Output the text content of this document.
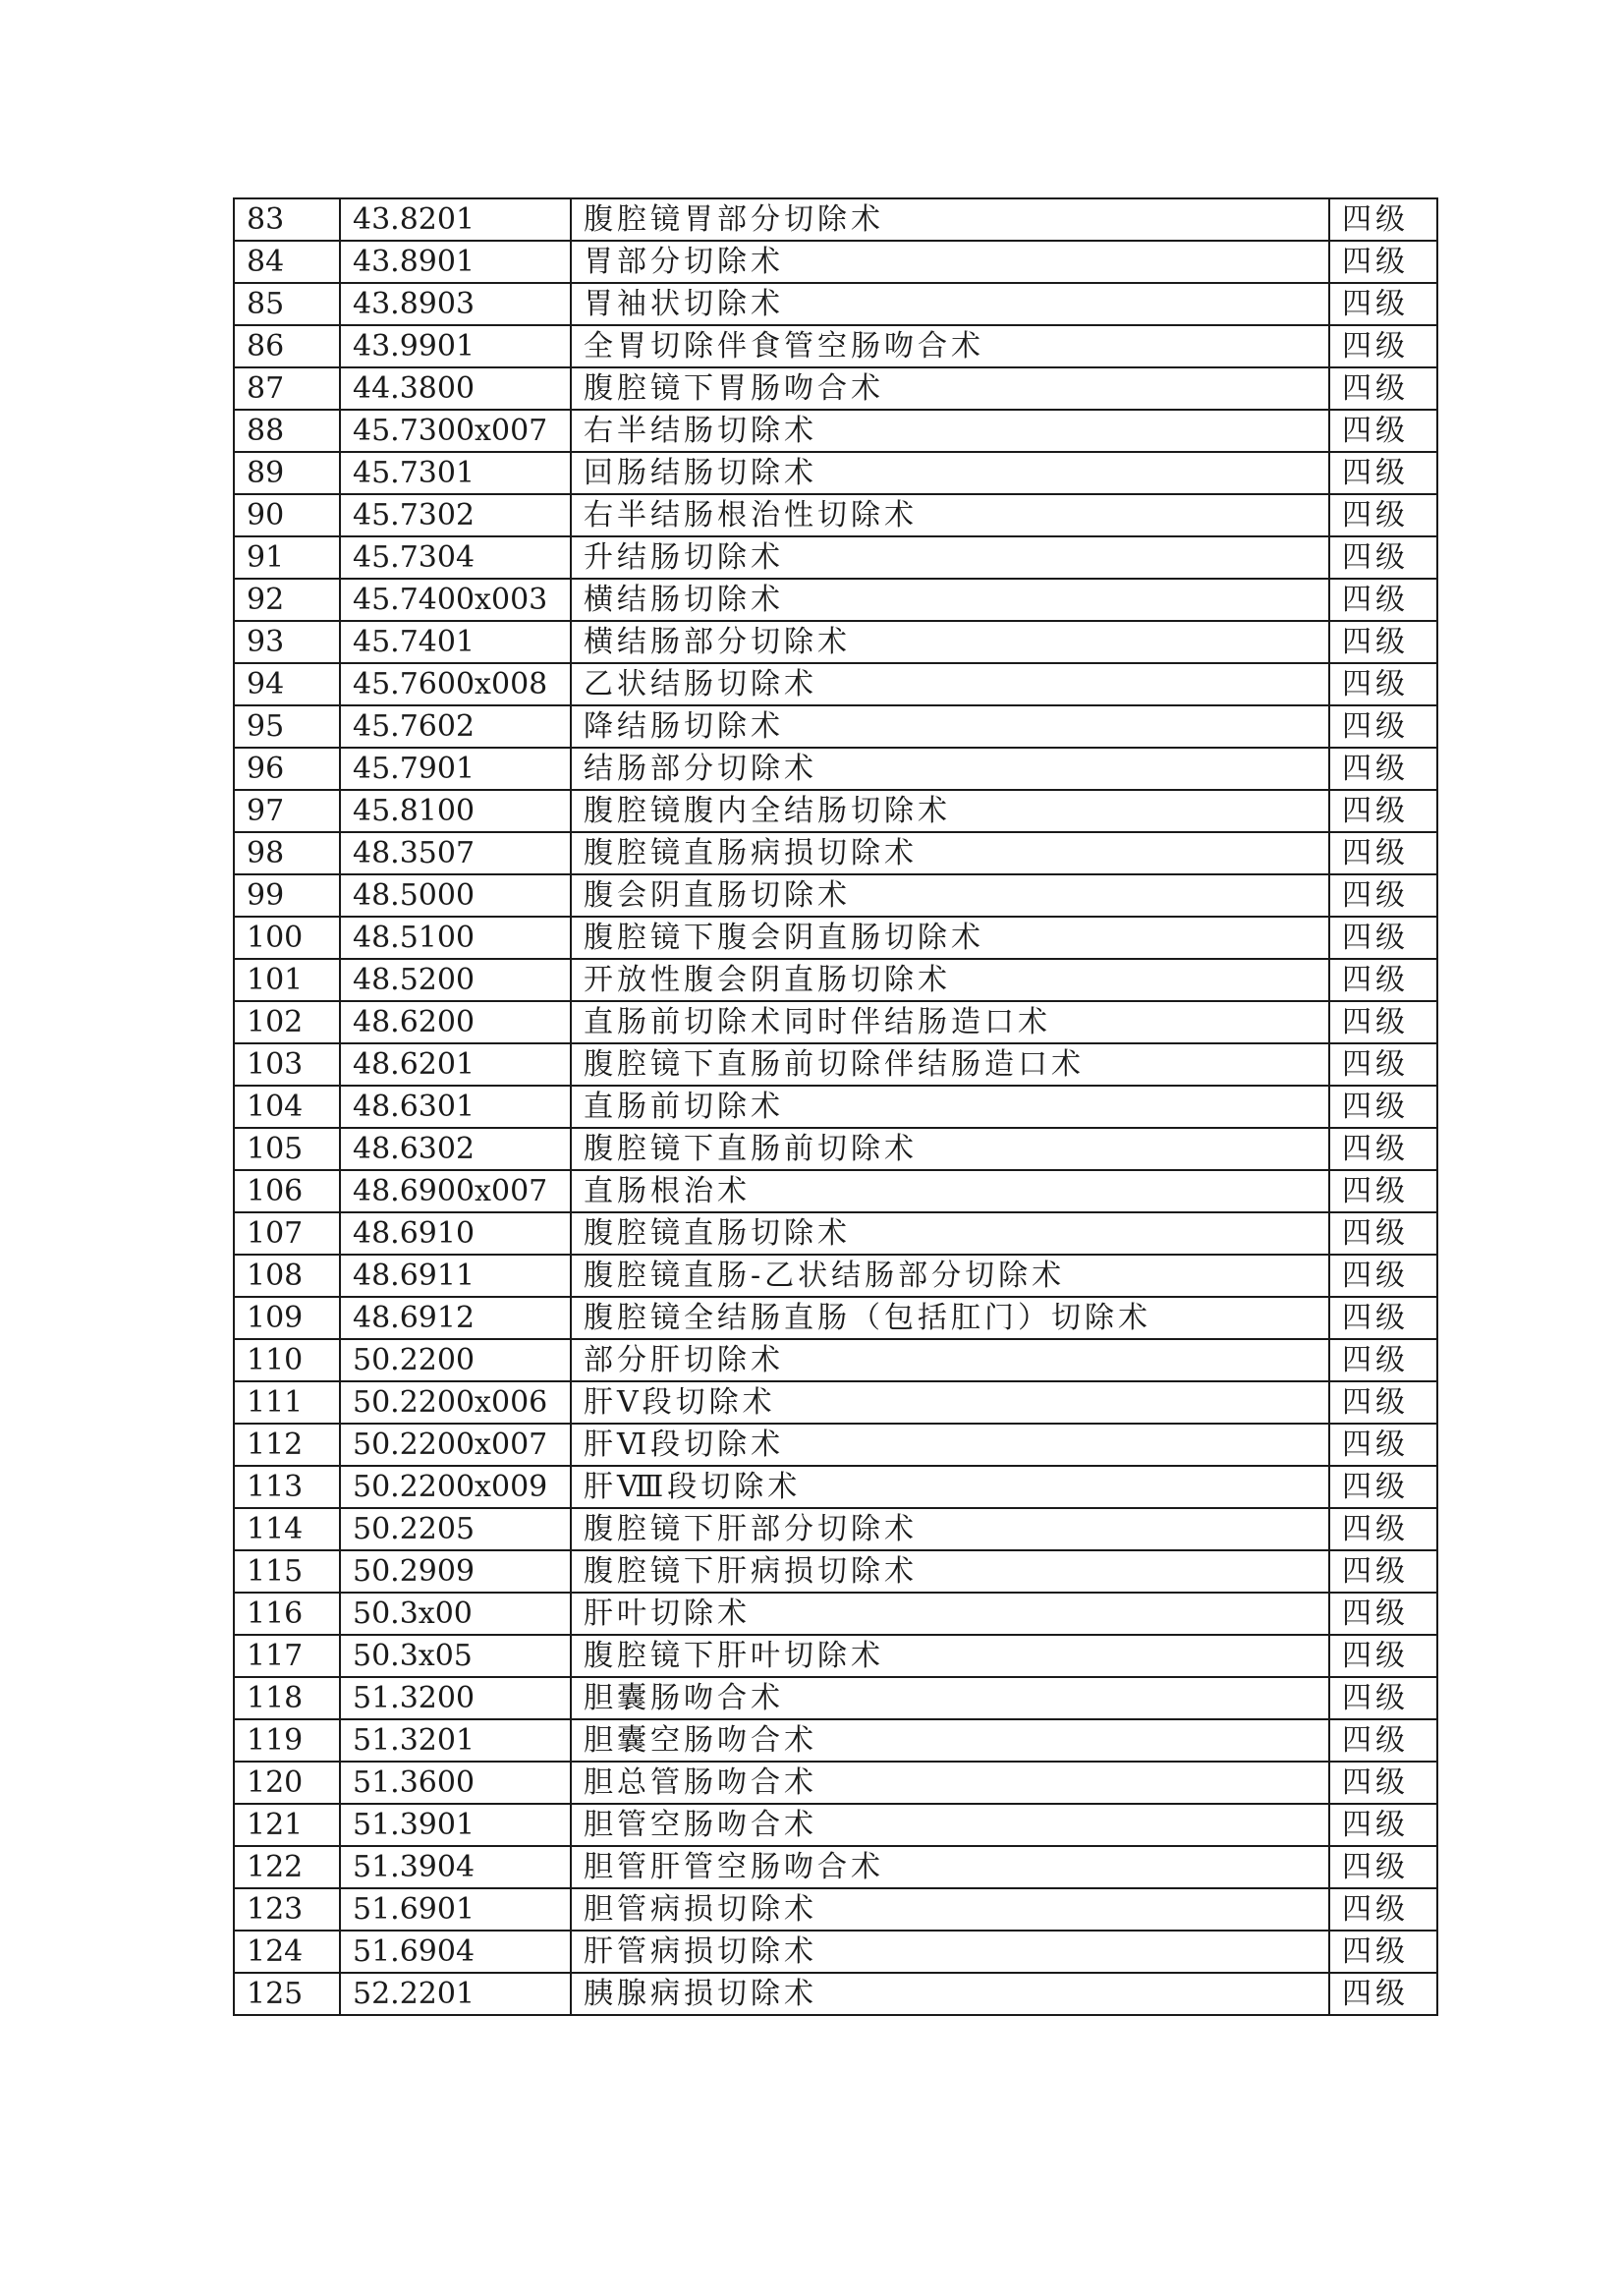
83	43.8201	腹腔镜胃部分切除术	四级
84	43.8901	胃部分切除术	四级
85	43.8903	胃袖状切除术	四级
86	43.9901	全胃切除伴食管空肠吻合术	四级
87	44.3800	腹腔镜下胃肠吻合术	四级
88	45.7300x007	右半结肠切除术	四级
89	45.7301	回肠结肠切除术	四级
90	45.7302	右半结肠根治性切除术	四级
91	45.7304	升结肠切除术	四级
92	45.7400x003	横结肠切除术	四级
93	45.7401	横结肠部分切除术	四级
94	45.7600x008	乙状结肠切除术	四级
95	45.7602	降结肠切除术	四级
96	45.7901	结肠部分切除术	四级
97	45.8100	腹腔镜腹内全结肠切除术	四级
98	48.3507	腹腔镜直肠病损切除术	四级
99	48.5000	腹会阴直肠切除术	四级
100	48.5100	腹腔镜下腹会阴直肠切除术	四级
101	48.5200	开放性腹会阴直肠切除术	四级
102	48.6200	直肠前切除术同时伴结肠造口术	四级
103	48.6201	腹腔镜下直肠前切除伴结肠造口术	四级
104	48.6301	直肠前切除术	四级
105	48.6302	腹腔镜下直肠前切除术	四级
106	48.6900x007	直肠根治术	四级
107	48.6910	腹腔镜直肠切除术	四级
108	48.6911	腹腔镜直肠-乙状结肠部分切除术	四级
109	48.6912	腹腔镜全结肠直肠（包括肛门）切除术	四级
110	50.2200	部分肝切除术	四级
111	50.2200x006	肝Ⅴ段切除术	四级
112	50.2200x007	肝Ⅵ段切除术	四级
113	50.2200x009	肝Ⅷ段切除术	四级
114	50.2205	腹腔镜下肝部分切除术	四级
115	50.2909	腹腔镜下肝病损切除术	四级
116	50.3x00	肝叶切除术	四级
117	50.3x05	腹腔镜下肝叶切除术	四级
118	51.3200	胆囊肠吻合术	四级
119	51.3201	胆囊空肠吻合术	四级
120	51.3600	胆总管肠吻合术	四级
121	51.3901	胆管空肠吻合术	四级
122	51.3904	胆管肝管空肠吻合术	四级
123	51.6901	胆管病损切除术	四级
124	51.6904	肝管病损切除术	四级
125	52.2201	胰腺病损切除术	四级
